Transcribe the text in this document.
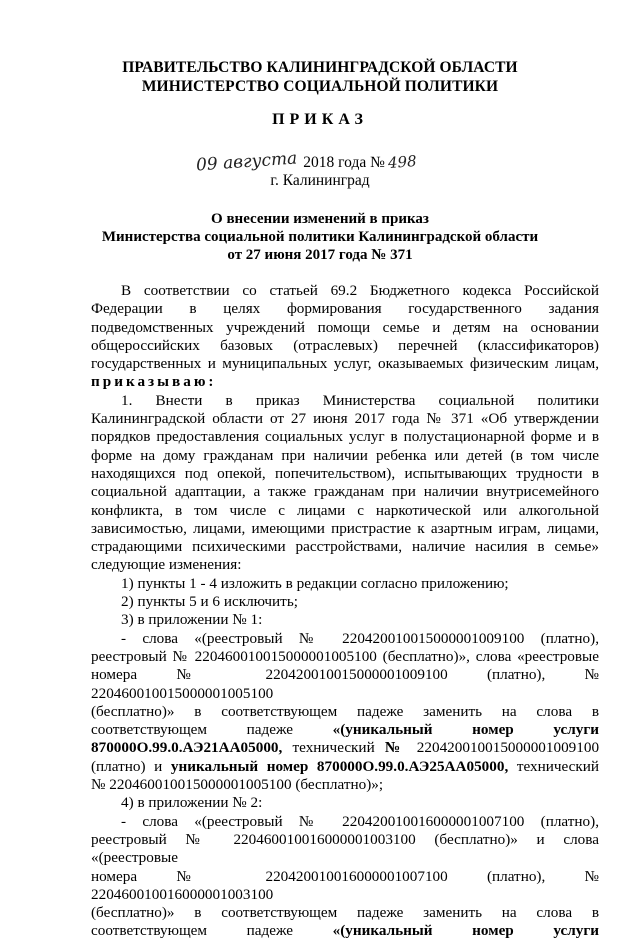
ПРАВИТЕЛЬСТВО КАЛИНИНГРАДСКОЙ ОБЛАСТИ
МИНИСТЕРСТВО СОЦИАЛЬНОЙ ПОЛИТИКИ
ПРИКАЗ
09 августа 2018 года № 498
г. Калининград
О внесении изменений в приказ
Министерства социальной политики Калининградской области
от 27 июня 2017 года № 371

В соответствии со статьей 69.2 Бюджетного кодекса Российской

Федерации в целях формирования государственного задания

подведомственных учреждений помощи семье и детям на основании

общероссийских базовых (отраслевых) перечней (классификаторов)

государственных и муниципальных услуг, оказываемых физическим лицам,

приказываю:

1. Внести в приказ Министерства социальной политики

Калининградской области от 27 июня 2017 года № 371 «Об утверждении

порядков предоставления социальных услуг в полустационарной форме и в

форме на дому гражданам при наличии ребенка или детей (в том числе

находящихся под опекой, попечительством), испытывающих трудности в

социальной адаптации, а также гражданам при наличии внутрисемейного

конфликта, в том числе с лицами с наркотической или алкогольной

зависимостью, лицами, имеющими пристрастие к азартным играм, лицами,

страдающими психическими расстройствами, наличие насилия в семье»

следующие изменения:

1) пункты 1 - 4 изложить в редакции согласно приложению;

2) пункты 5 и 6 исключить;

3) в приложении № 1:

- слова «(реестровый № 220420010015000001009100 (платно),

реестровый № 220460010015000001005100 (бесплатно)», слова «реестровые

номера № 220420010015000001009100 (платно), № 220460010015000001005100

(бесплатно)» в соответствующем падеже заменить на слова в

соответствующем падеже	«(уникальный номер услуги

870000О.99.0.АЭ21АА05000, технический № 220420010015000001009100

(платно) и уникальный номер 870000О.99.0.АЭ25АА05000, технический

№ 220460010015000001005100 (бесплатно)»;

4) в приложении № 2:

- слова «(реестровый № 220420010016000001007100 (платно),

реестровый № 220460010016000001003100 (бесплатно)» и слова «(реестровые

номера № 220420010016000001007100 (платно), № 220460010016000001003100

(бесплатно)» в соответствующем падеже заменить на слова в

соответствующем падеже	«(уникальный номер услуги
